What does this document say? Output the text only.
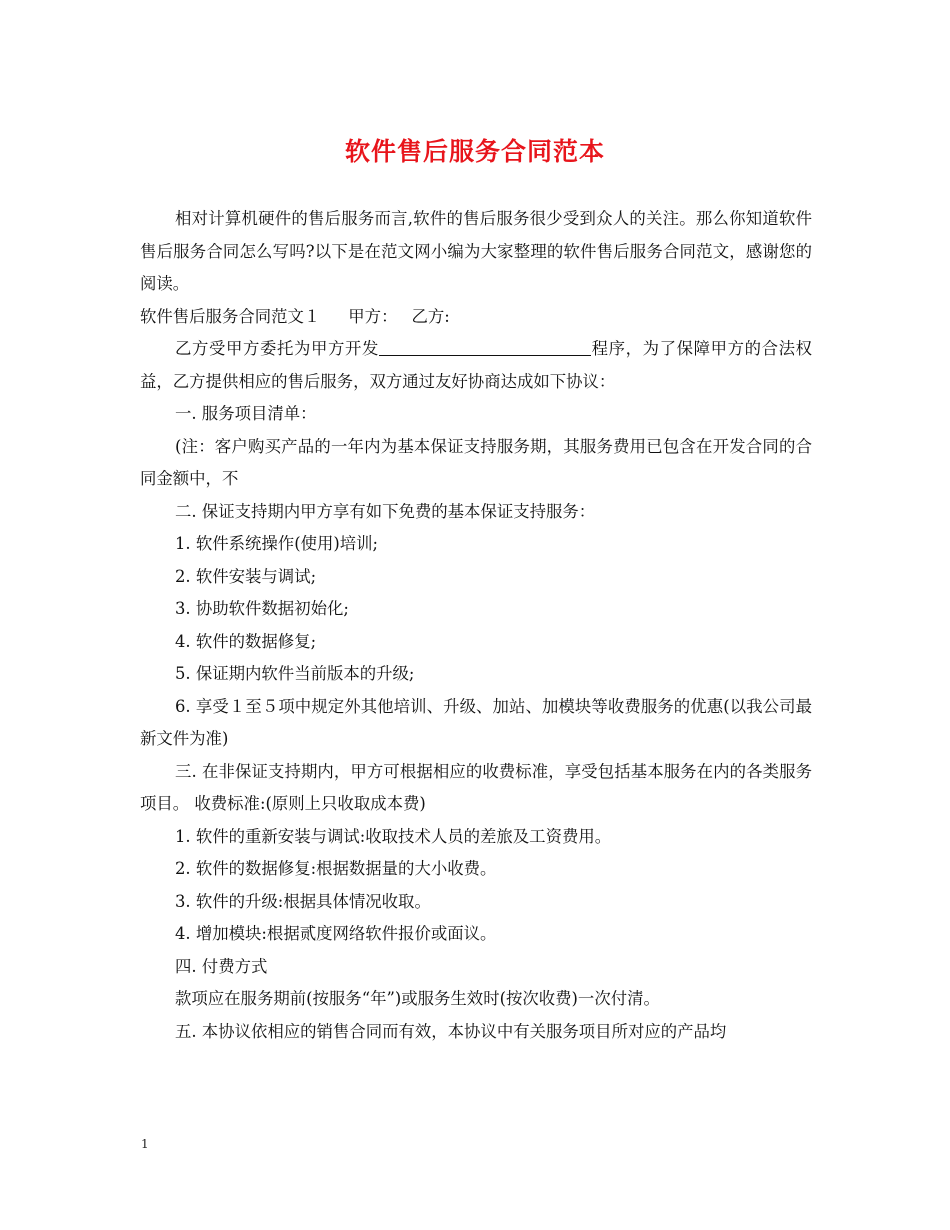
软件售后服务合同范本

相对计算机硬件的售后服务而言,软件的售后服务很少受到众人的关注。那么你知道软件售后服务合同怎么写吗?以下是在范文网小编为大家整理的软件售后服务合同范文，感谢您的阅读。

软件售后服务合同范文１ 甲方： 乙方:

乙方受甲方委托为甲方开发	程序，为了保障甲方的合法权益，乙方提供相应的售后服务，双方通过友好协商达成如下协议：

一. 服务项目清单：

(注：客户购买产品的一年内为基本保证支持服务期，其服务费用已包含在开发合同的合同金额中，不

二. 保证支持期内甲方享有如下免费的基本保证支持服务：

1. 软件系统操作(使用)培训;

2. 软件安装与调试;

3. 协助软件数据初始化;

4. 软件的数据修复;

5. 保证期内软件当前版本的升级;

6. 享受１至５项中规定外其他培训、升级、加站、加模块等收费服务的优惠(以我公司最新文件为准)

三. 在非保证支持期内，甲方可根据相应的收费标准，享受包括基本服务在内的各类服务项目。 收费标准:(原则上只收取成本费)

1. 软件的重新安装与调试:收取技术人员的差旅及工资费用。

2. 软件的数据修复:根据数据量的大小收费。

3. 软件的升级:根据具体情况收取。

4. 增加模块:根据贰度网络软件报价或面议。

四. 付费方式

款项应在服务期前(按服务“年”)或服务生效时(按次收费)一次付清。

五. 本协议依相应的销售合同而有效，本协议中有关服务项目所对应的产品均

1
